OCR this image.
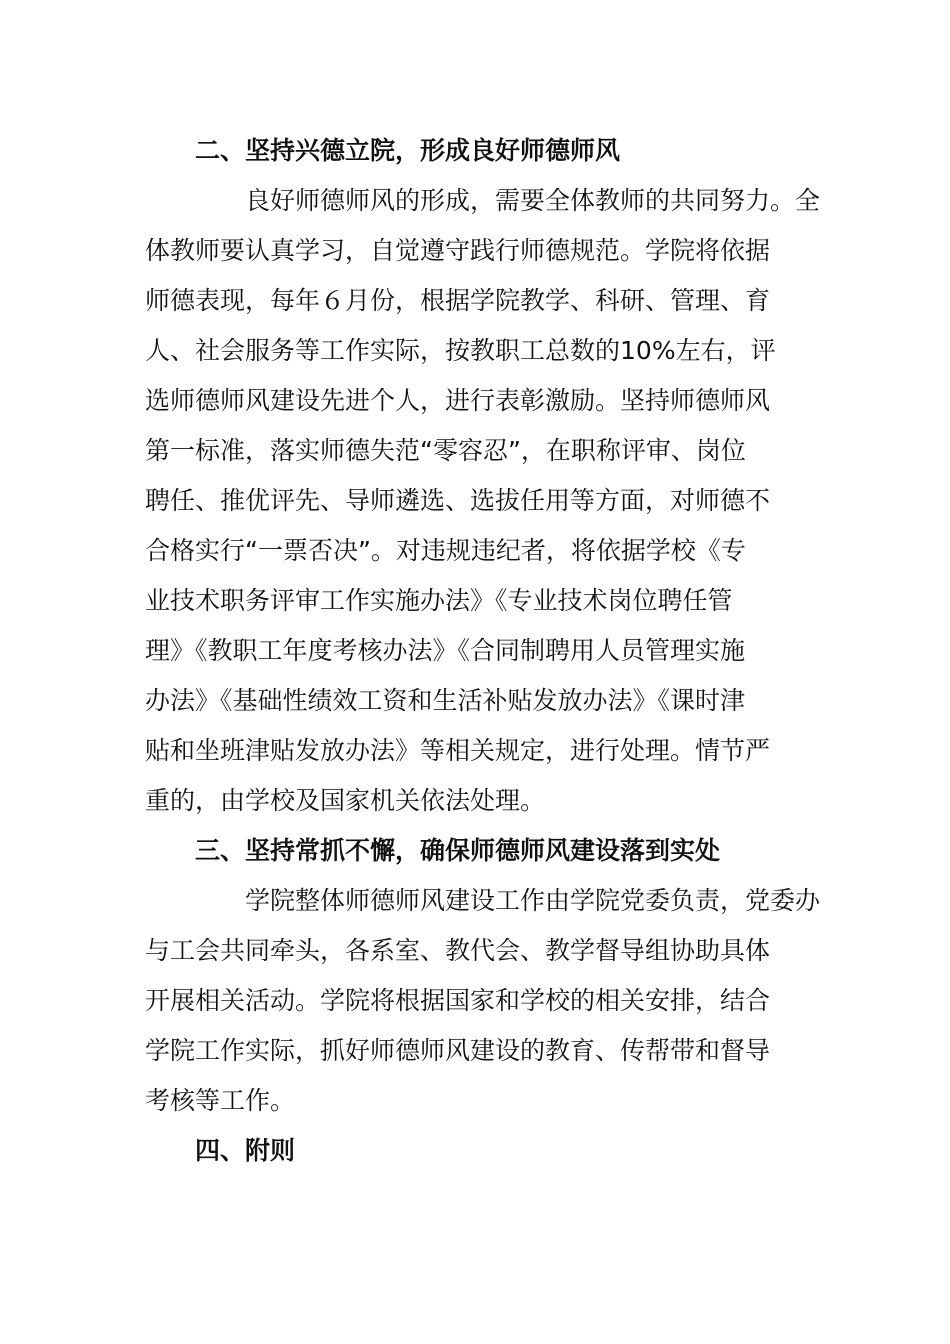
二、坚持兴德立院，形成良好师德师风

良好师德师风的形成，需要全体教师的共同努力。全
体教师要认真学习，自觉遵守践行师德规范。学院将依据
师德表现，每年６月份，根据学院教学、科研、管理、育
人、社会服务等工作实际，按教职工总数的10%左右，评
选师德师风建设先进个人，进行表彰激励。坚持师德师风
第一标准，落实师德失范“零容忍”，在职称评审、岗位
聘任、推优评先、导师遴选、选拔任用等方面，对师德不
合格实行“一票否决”。对违规违纪者，将依据学校《专
业技术职务评审工作实施办法》《专业技术岗位聘任管
理》《教职工年度考核办法》《合同制聘用人员管理实施
办法》《基础性绩效工资和生活补贴发放办法》《课时津
贴和坐班津贴发放办法》等相关规定，进行处理。情节严
重的，由学校及国家机关依法处理。

三、坚持常抓不懈，确保师德师风建设落到实处

学院整体师德师风建设工作由学院党委负责，党委办
与工会共同牵头，各系室、教代会、教学督导组协助具体
开展相关活动。学院将根据国家和学校的相关安排，结合
学院工作实际，抓好师德师风建设的教育、传帮带和督导
考核等工作。

四、附则
